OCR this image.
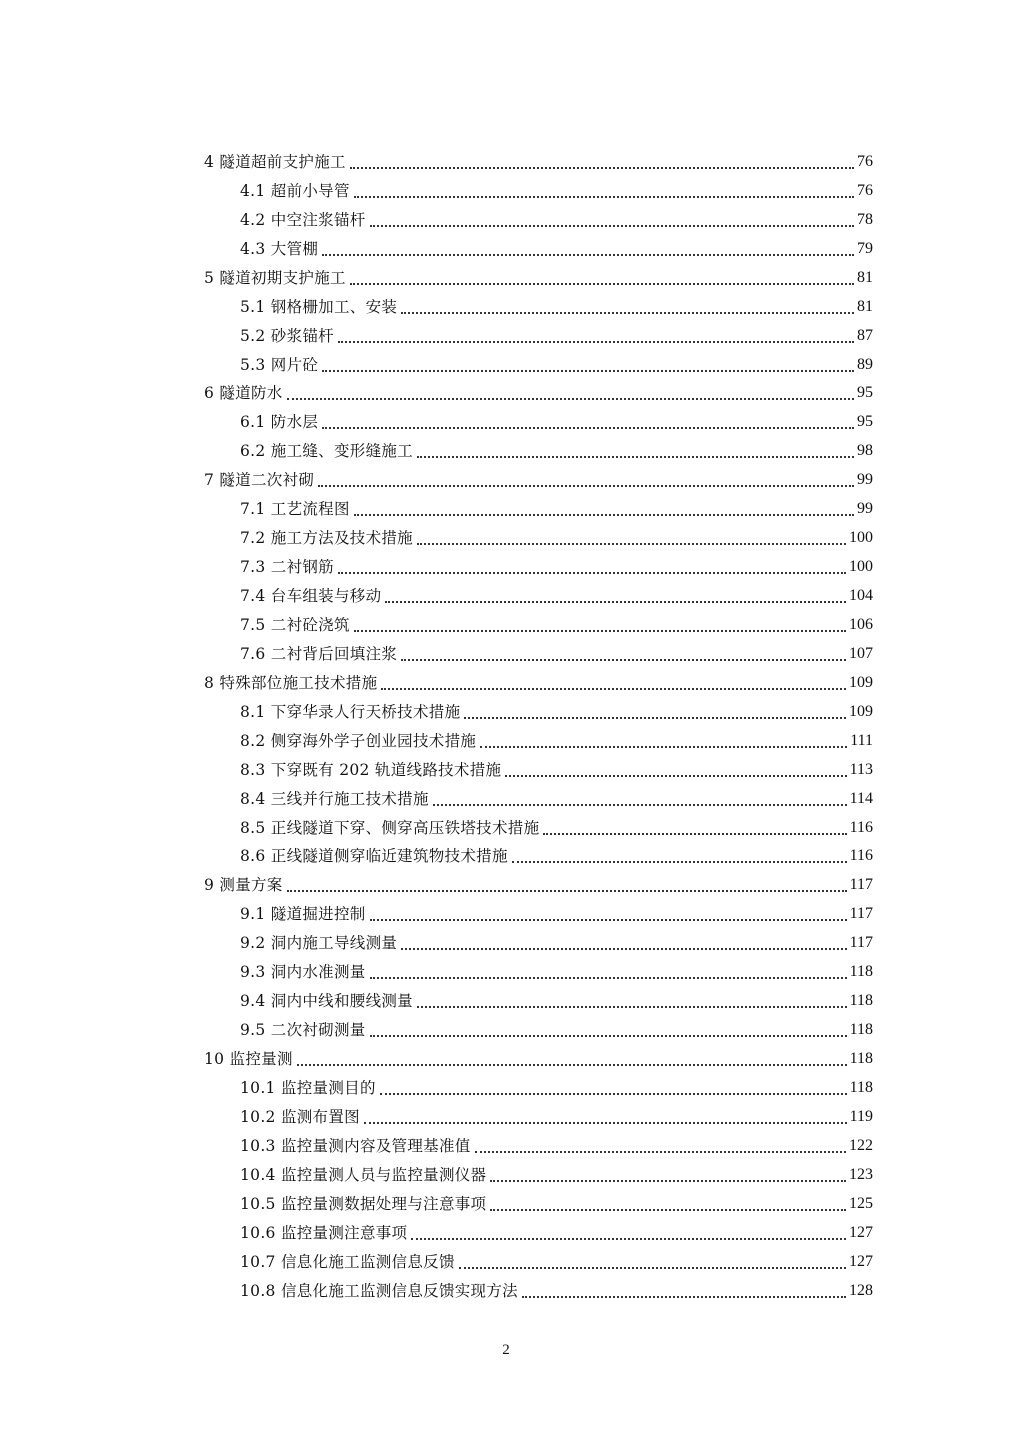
4 隧道超前支护施工	76
4.1 超前小导管	76
4.2 中空注浆锚杆	78
4.3 大管棚	79
5 隧道初期支护施工	81
5.1 钢格栅加工、安装	81
5.2 砂浆锚杆	87
5.3 网片砼	89
6 隧道防水	95
6.1 防水层	95
6.2 施工缝、变形缝施工	98
7 隧道二次衬砌	99
7.1 工艺流程图	99
7.2 施工方法及技术措施	100
7.3 二衬钢筋	100
7.4 台车组装与移动	104
7.5 二衬砼浇筑	106
7.6 二衬背后回填注浆	107
8 特殊部位施工技术措施	109
8.1 下穿华录人行天桥技术措施	109
8.2 侧穿海外学子创业园技术措施	111
8.3 下穿既有 202 轨道线路技术措施	113
8.4 三线并行施工技术措施	114
8.5 正线隧道下穿、侧穿高压铁塔技术措施	116
8.6 正线隧道侧穿临近建筑物技术措施	116
9 测量方案	117
9.1 隧道掘进控制	117
9.2 洞内施工导线测量	117
9.3 洞内水准测量	118
9.4 洞内中线和腰线测量	118
9.5 二次衬砌测量	118
10 监控量测	118
10.1 监控量测目的	118
10.2 监测布置图	119
10.3 监控量测内容及管理基准值	122
10.4 监控量测人员与监控量测仪器	123
10.5 监控量测数据处理与注意事项	125
10.6 监控量测注意事项	127
10.7 信息化施工监测信息反馈	127
10.8 信息化施工监测信息反馈实现方法	128
2
